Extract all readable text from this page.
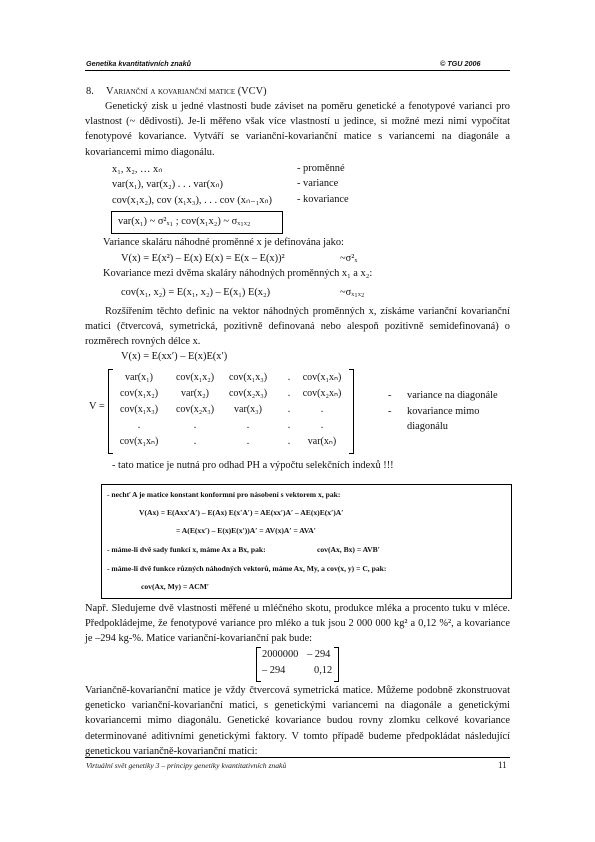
Genetika kvantitativních znaků	© TGU 2006
8. Varianční a kovarianční matice (VCV)
Genetický zisk u jedné vlastnosti bude záviset na poměru genetické a fenotypové varianci pro vlastnost (~ dědivosti). Je-li měřeno však více vlastností u jedince, si možné mezi nimi vypočítat fenotypové kovariance. Vytváří se varianční-kovarianční matice s variancemi na diagonále a kovariancemi mimo diagonálu.
x₁, x₂, … xₙ	- proměnné
var(x₁), var(x₂) . . . var(xₙ)	- variance
cov(x₁x₂), cov (x₁x₃), . . . cov (xₙ₋₁xₙ) - kovariance
var(x₁) ~ σ²ₓ₁ ; cov(x₁x₂) ~ σₓ₁ₓ₂
Variance skaláru náhodné proměnné x je definována jako:
V(x) = E(x²) – E(x) E(x) = E(x – E(x))²	~σ²ₓ
Kovariance mezi dvěma skaláry náhodných proměnných x₁ a x₂:
cov(x₁, x₂) = E(x₁, x₂) – E(x₁) E(x₂)	~σₓ₁ₓ₂
Rozšířením těchto definic na vektor náhodných proměnných x, získáme varianční kovarianční matici (čtvercová, symetrická, pozitivně definovaná nebo alespoň pozitivně semidefinovaná) o rozměrech rovných délce x.
V(x) = E(xx′) – E(x)E(x′)
V =
var(x₁)	cov(x₁x₂)	cov(x₁x₃)	.	cov(x₁xₙ)
cov(x₁x₂)	var(x₂)	cov(x₂x₃)	.	cov(x₂xₙ)
cov(x₁x₃)	cov(x₂x₃)	var(x₃)	.	.
.	.	.	.	.
cov(x₁xₙ)	.	.	.	var(xₙ)
- variance na diagonále
- kovariance mimo
diagonálu
- tato matice je nutná pro odhad PH a výpočtu selekčních indexů !!!
- nechť A je matice konstant konformní pro násobení s vektorem x, pak:
V(Ax) = E(Axx′A′) – E(Ax) E(x′A′) = AE(xx′)A′ – AE(x)E(x′)A′
= A(E(xx′) – E(x)E(x′))A′ = AV(x)A′ = AVA′
- máme-li dvě sady funkcí x, máme Ax a Bx, pak:	cov(Ax, Bx) = AVB′
- máme-li dvě funkce různých náhodných vektorů, máme Ax, My, a cov(x, y) = C, pak:
cov(Ax, My) = ACM′
Např. Sledujeme dvě vlastnosti měřené u mléčného skotu, produkce mléka a procento tuku v mléce. Předpokládejme, že fenotypové variance pro mléko a tuk jsou 2 000 000 kg² a 0,12 %², a kovariance je –294 kg-%. Matice varianční-kovarianční pak bude:
2000000 – 294
– 294	0,12
Variančně-kovarianční matice je vždy čtvercová symetrická matice. Můžeme podobně zkonstruovat geneticko varianční-kovarianční matici, s genetickými variancemi na diagonále a genetickými kovariancemi mimo diagonálu. Genetické kovariance budou rovny zlomku celkové kovariance determinované aditivními genetickými faktory. V tomto případě budeme předpokládat následující genetickou variančně-kovarianční matici:
Virtuální svět genetiky 3 – principy genetiky kvantitativních znaků	11
